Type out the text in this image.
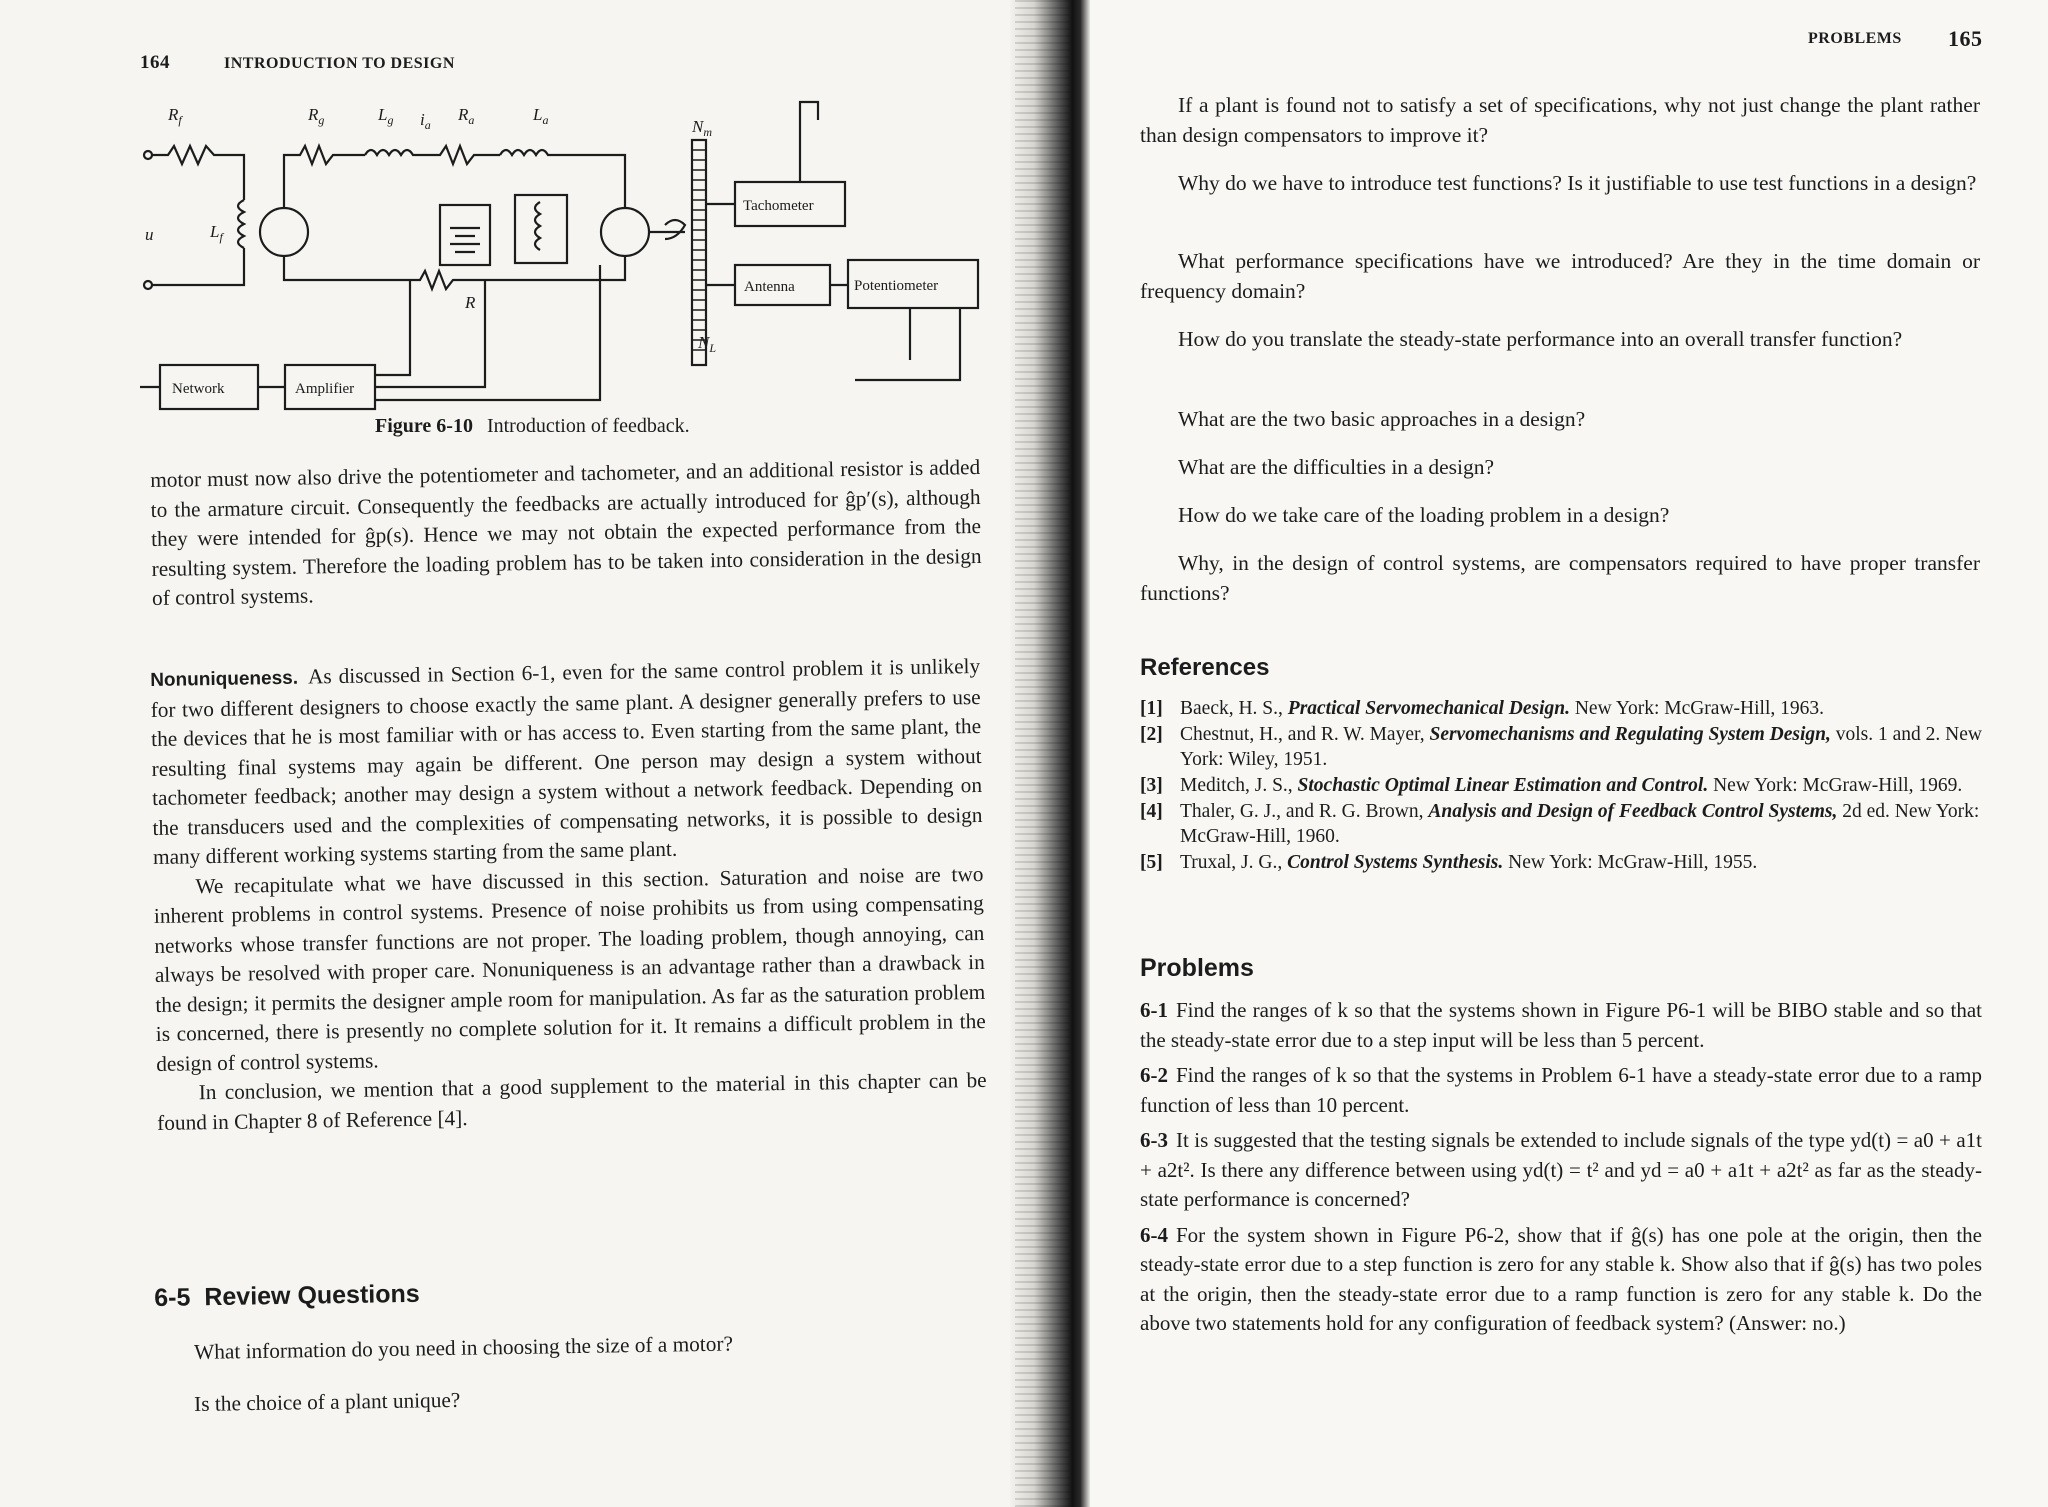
164	INTRODUCTION TO DESIGN
$R_f$
u	$L_f$
$R_g$	$L_g$ $i_a$
$R_a$	$L_a$
R
$N_m$
$N_L$
Tachometer
Antenna	Potentiometer
Network	Amplifier
Figure 6-10 Introduction of feedback.

motor must now also drive the potentiometer and tachometer, and an additional resistor is added to the armature circuit. Consequently the feedbacks are actually introduced for ĝp′(s), although they were intended for ĝp(s). Hence we may not obtain the expected performance from the resulting system. Therefore the loading problem has to be taken into consideration in the design of control systems.

Nonuniqueness. As discussed in Section 6-1, even for the same control problem it is unlikely for two different designers to choose exactly the same plant. A designer generally prefers to use the devices that he is most familiar with or has access to. Even starting from the same plant, the resulting final systems may again be different. One person may design a system without tachometer feedback; another may design a system without a network feedback. Depending on the transducers used and the complexities of compensating networks, it is possible to design many different working systems starting from the same plant.

We recapitulate what we have discussed in this section. Saturation and noise are two inherent problems in control systems. Presence of noise prohibits us from using compensating networks whose transfer functions are not proper. The loading problem, though annoying, can always be resolved with proper care. Nonuniqueness is an advantage rather than a drawback in the design; it permits the designer ample room for manipulation. As far as the saturation problem is concerned, there is presently no complete solution for it. It remains a difficult problem in the design of control systems.

In conclusion, we mention that a good supplement to the material in this chapter can be found in Chapter 8 of Reference [4].

6-5 Review Questions
What information do you need in choosing the size of a motor?
Is the choice of a plant unique?
PROBLEMS 165

If a plant is found not to satisfy a set of specifications, why not just change the plant rather than design compensators to improve it?

Why do we have to introduce test functions? Is it justifiable to use test functions in a design?

What performance specifications have we introduced? Are they in the time domain or frequency domain?

How do you translate the steady-state performance into an overall transfer function?

What are the two basic approaches in a design?

What are the difficulties in a design?

How do we take care of the loading problem in a design?

Why, in the design of control systems, are compensators required to have proper transfer functions?

References
[1] Baeck, H. S., Practical Servomechanical Design. New York: McGraw-Hill, 1963.
[2] Chestnut, H., and R. W. Mayer, Servomechanisms and Regulating System Design, vols. 1 and 2. New York: Wiley, 1951.
[3] Meditch, J. S., Stochastic Optimal Linear Estimation and Control. New York: McGraw-Hill, 1969.
[4] Thaler, G. J., and R. G. Brown, Analysis and Design of Feedback Control Systems, 2d ed. New York: McGraw-Hill, 1960.
[5] Truxal, J. G., Control Systems Synthesis. New York: McGraw-Hill, 1955.
Problems

6-1 Find the ranges of k so that the systems shown in Figure P6-1 will be BIBO stable and so that the steady-state error due to a step input will be less than 5 percent.

6-2 Find the ranges of k so that the systems in Problem 6-1 have a steady-state error due to a ramp function of less than 10 percent.

6-3 It is suggested that the testing signals be extended to include signals of the type yd(t) = a0 + a1t + a2t². Is there any difference between using yd(t) = t² and yd = a0 + a1t + a2t² as far as the steady-state performance is concerned?

6-4 For the system shown in Figure P6-2, show that if ĝ(s) has one pole at the origin, then the steady-state error due to a step function is zero for any stable k. Show also that if ĝ(s) has two poles at the origin, then the steady-state error due to a ramp function is zero for any stable k. Do the above two statements hold for any configuration of feedback system? (Answer: no.)
